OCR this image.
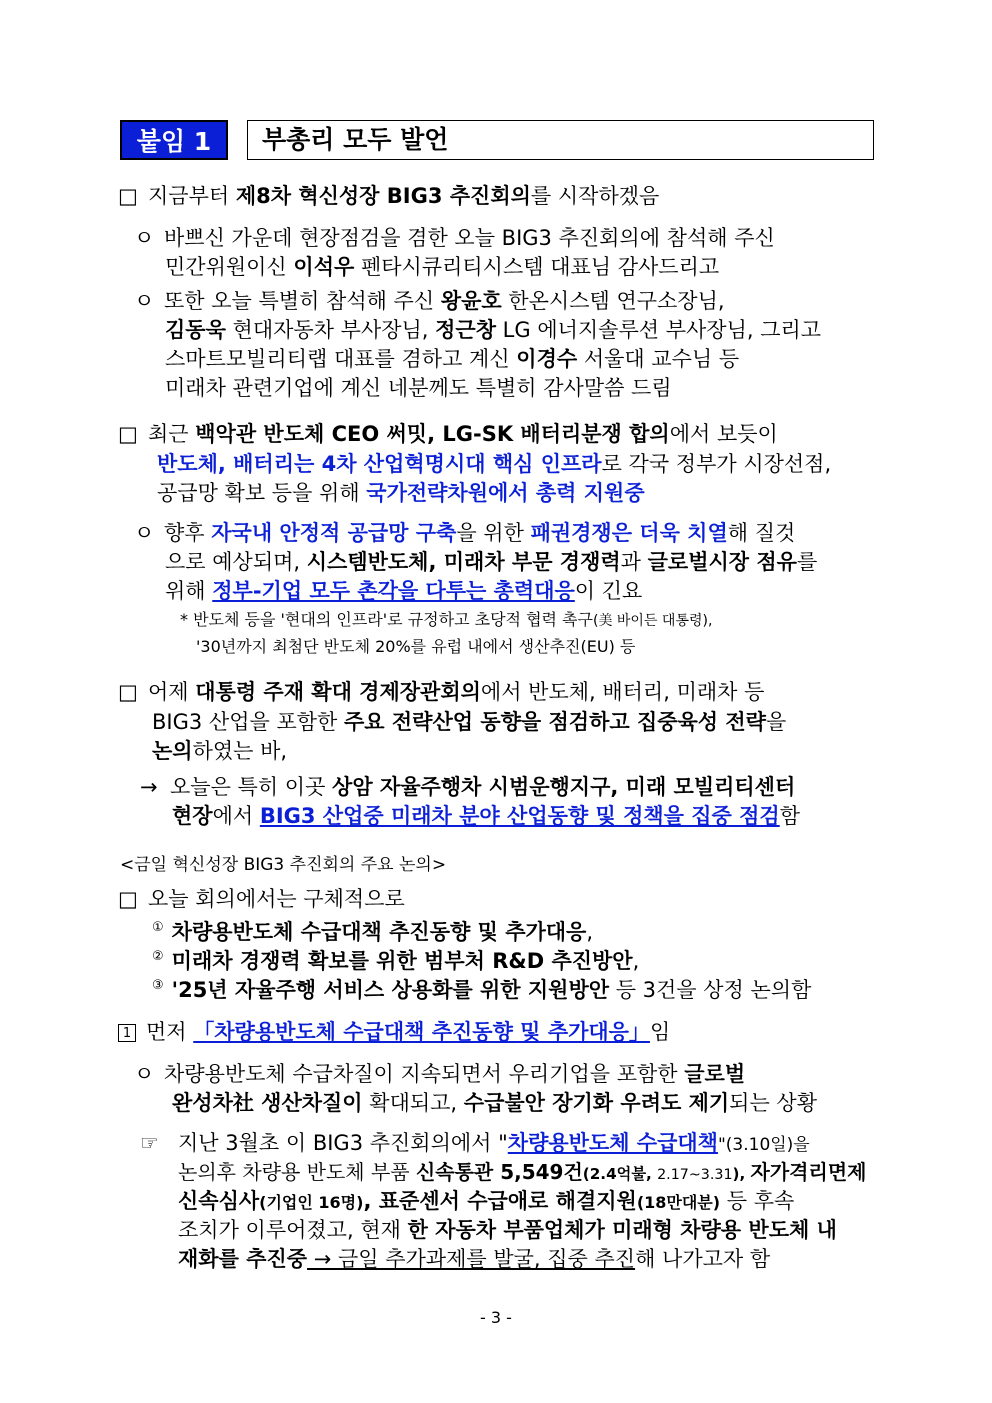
붙임 1	부총리 모두 발언
□ 지금부터 제8차 혁신성장 BIG3 추진회의를 시작하겠음
ㅇ 바쁘신 가운데 현장점검을 겸한 오늘 BIG3 추진회의에 참석해 주신
민간위원이신 이석우 펜타시큐리티시스템 대표님 감사드리고
ㅇ 또한 오늘 특별히 참석해 주신 왕윤호 한온시스템 연구소장님,
김동욱 현대자동차 부사장님, 정근창 LG 에너지솔루션 부사장님, 그리고
스마트모빌리티랩 대표를 겸하고 계신 이경수 서울대 교수님 등
미래차 관련기업에 계신 네분께도 특별히 감사말씀 드림
□ 최근 백악관 반도체 CEO 써밋, LG-SK 배터리분쟁 합의에서 보듯이
반도체, 배터리는 4차 산업혁명시대 핵심 인프라로 각국 정부가 시장선점,
공급망 확보 등을 위해 국가전략차원에서 총력 지원중
ㅇ 향후 자국내 안정적 공급망 구축을 위한 패권경쟁은 더욱 치열해 질것
으로 예상되며, 시스템반도체, 미래차 부문 경쟁력과 글로벌시장 점유를
위해 정부-기업 모두 촌각을 다투는 총력대응이 긴요
* 반도체 등을 '현대의 인프라'로 규정하고 초당적 협력 촉구(美 바이든 대통령),
'30년까지 최첨단 반도체 20%를 유럽 내에서 생산추진(EU) 등
□ 어제 대통령 주재 확대 경제장관회의에서 반도체, 배터리, 미래차 등
BIG3 산업을 포함한 주요 전략산업 동향을 점검하고 집중육성 전략을
논의하였는 바,
→ 오늘은 특히 이곳 상암 자율주행차 시범운행지구, 미래 모빌리티센터
현장에서 BIG3 산업중 미래차 분야 산업동향 및 정책을 집중 점검함
<금일 혁신성장 BIG3 추진회의 주요 논의>
□ 오늘 회의에서는 구체적으로
① 차량용반도체 수급대책 추진동향 및 추가대응,
② 미래차 경쟁력 확보를 위한 범부처 R&D 추진방안,
③ '25년 자율주행 서비스 상용화를 위한 지원방안 등 3건을 상정 논의함
1 먼저 「차량용반도체 수급대책 추진동향 및 추가대응」임
ㅇ 차량용반도체 수급차질이 지속되면서 우리기업을 포함한 글로벌
완성차社 생산차질이 확대되고, 수급불안 장기화 우려도 제기되는 상황
☞ 지난 3월초 이 BIG3 추진회의에서 "차량용반도체 수급대책"(3.10일)을
논의후 차량용 반도체 부품 신속통관 5,549건(2.4억불, 2.17~3.31), 자가격리면제
신속심사(기업인 16명), 표준센서 수급애로 해결지원(18만대분) 등 후속
조치가 이루어졌고, 현재 한 자동차 부품업체가 미래형 차량용 반도체 내
재화를 추진중 → 금일 추가과제를 발굴, 집중 추진해 나가고자 함
- 3 -
